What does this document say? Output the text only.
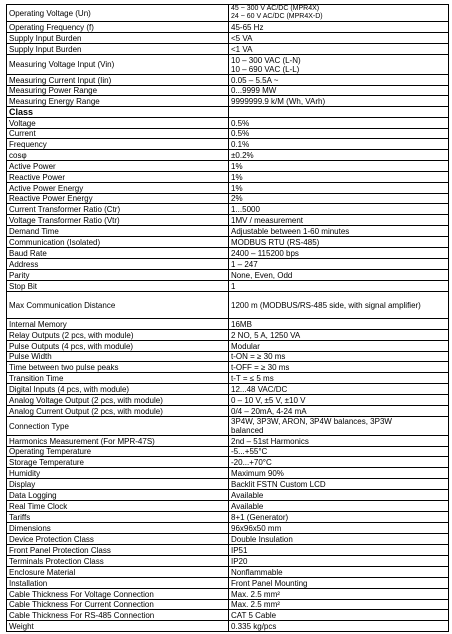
Operating Voltage (Un)	45 ~ 300 V AC/DC (MPR4X)
24 ~ 60 V AC/DC (MPR4X-D)

Operating Frequency (f)	45-65 Hz
Supply Input Burden	<5 VA
Supply Input Burden	<1 VA
Measuring Voltage Input (Vin)	10 – 300 VAC (L-N)
10 – 690 VAC (L-L)

Measuring Current Input (Iin)	0.05 – 5.5A ~
Measuring Power Range	0...9999 MW
Measuring Energy Range	9999999.9 k/M (Wh, VArh)
Class	
Voltage	0.5%
Current	0.5%
Frequency	0.1%
cosφ	±0.2%
Active Power	1%
Reactive Power	1%
Active Power Energy	1%
Reactive Power Energy	2%
Current Transformer Ratio (Ctr)	1...5000
Voltage Transformer Ratio (Vtr)	1MV / measurement
Demand Time	Adjustable between 1-60 minutes
Communication (Isolated)	MODBUS RTU (RS-485)
Baud Rate	2400 – 115200 bps
Address	1 – 247
Parity	None, Even, Odd
Stop Bit	1
Max Communication Distance	1200 m (MODBUS/RS-485 side, with signal amplifier)
Internal Memory	16MB
Relay Outputs (2 pcs, with module)	2 NO, 5 A, 1250 VA
Pulse Outputs (4 pcs, with module)	Modular
Pulse Width	t-ON = ≥ 30 ms
Time between two pulse peaks	t-OFF = ≥ 30 ms
Transition Time	t-T = ≤ 5 ms
Digital Inputs (4 pcs, with module)	12...48 VAC/DC
Analog Voltage Output (2 pcs, with module)	0 – 10 V, ±5 V, ±10 V
Analog Current Output (2 pcs, with module)	0/4 – 20mA, 4-24 mA
Connection Type	3P4W, 3P3W, ARON, 3P4W balances, 3P3W
balanced

Harmonics Measurement (For MPR-47S)	2nd – 51st Harmonics
Operating Temperature	-5...+55°C
Storage Temperature	-20...+70°C
Humidity	Maximum 90%
Display	Backlit FSTN Custom LCD
Data Logging	Available
Real Time Clock	Available
Tariffs	8+1 (Generator)
Dimensions	96x96x50 mm
Device Protection Class	Double Insulation
Front Panel Protection Class	IP51
Terminals Protection Class	IP20
Enclosure Material	Nonflammable
Installation	Front Panel Mounting
Cable Thickness For Voltage Connection	Max. 2.5 mm²
Cable Thickness For Current Connection	Max. 2.5 mm²
Cable Thickness For RS-485 Connection	CAT 5 Cable
Weight	0.335 kg/pcs
